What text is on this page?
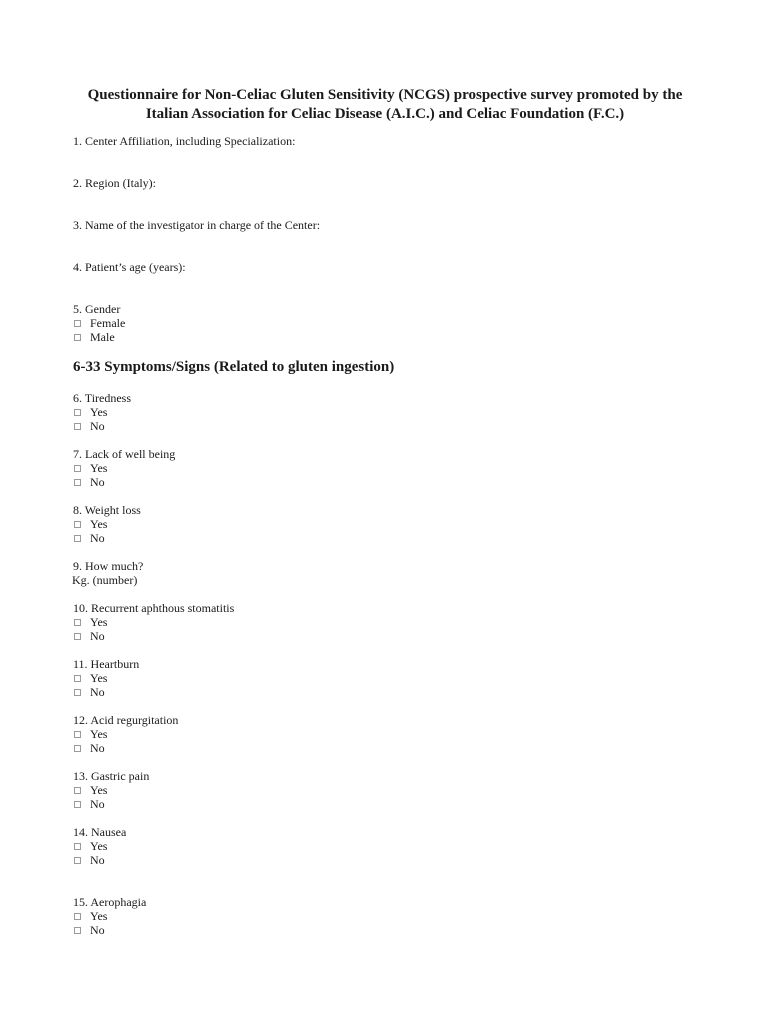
Questionnaire for Non-Celiac Gluten Sensitivity (NCGS) prospective survey promoted by the
Italian Association for Celiac Disease (A.I.C.) and Celiac Foundation (F.C.)
1. Center Affiliation, including Specialization:
2. Region (Italy):
3. Name of the investigator in charge of the Center:
4. Patient’s age (years):
5. Gender
Female
Male
6-33 Symptoms/Signs (Related to gluten ingestion)
6. Tiredness
Yes
No
7. Lack of well being
Yes
No
8. Weight loss
Yes
No
9. How much?
Kg. (number)
10. Recurrent aphthous stomatitis
Yes
No
11. Heartburn
Yes
No
12. Acid regurgitation
Yes
No
13. Gastric pain
Yes
No
14. Nausea
Yes
No
15. Aerophagia
Yes
No
